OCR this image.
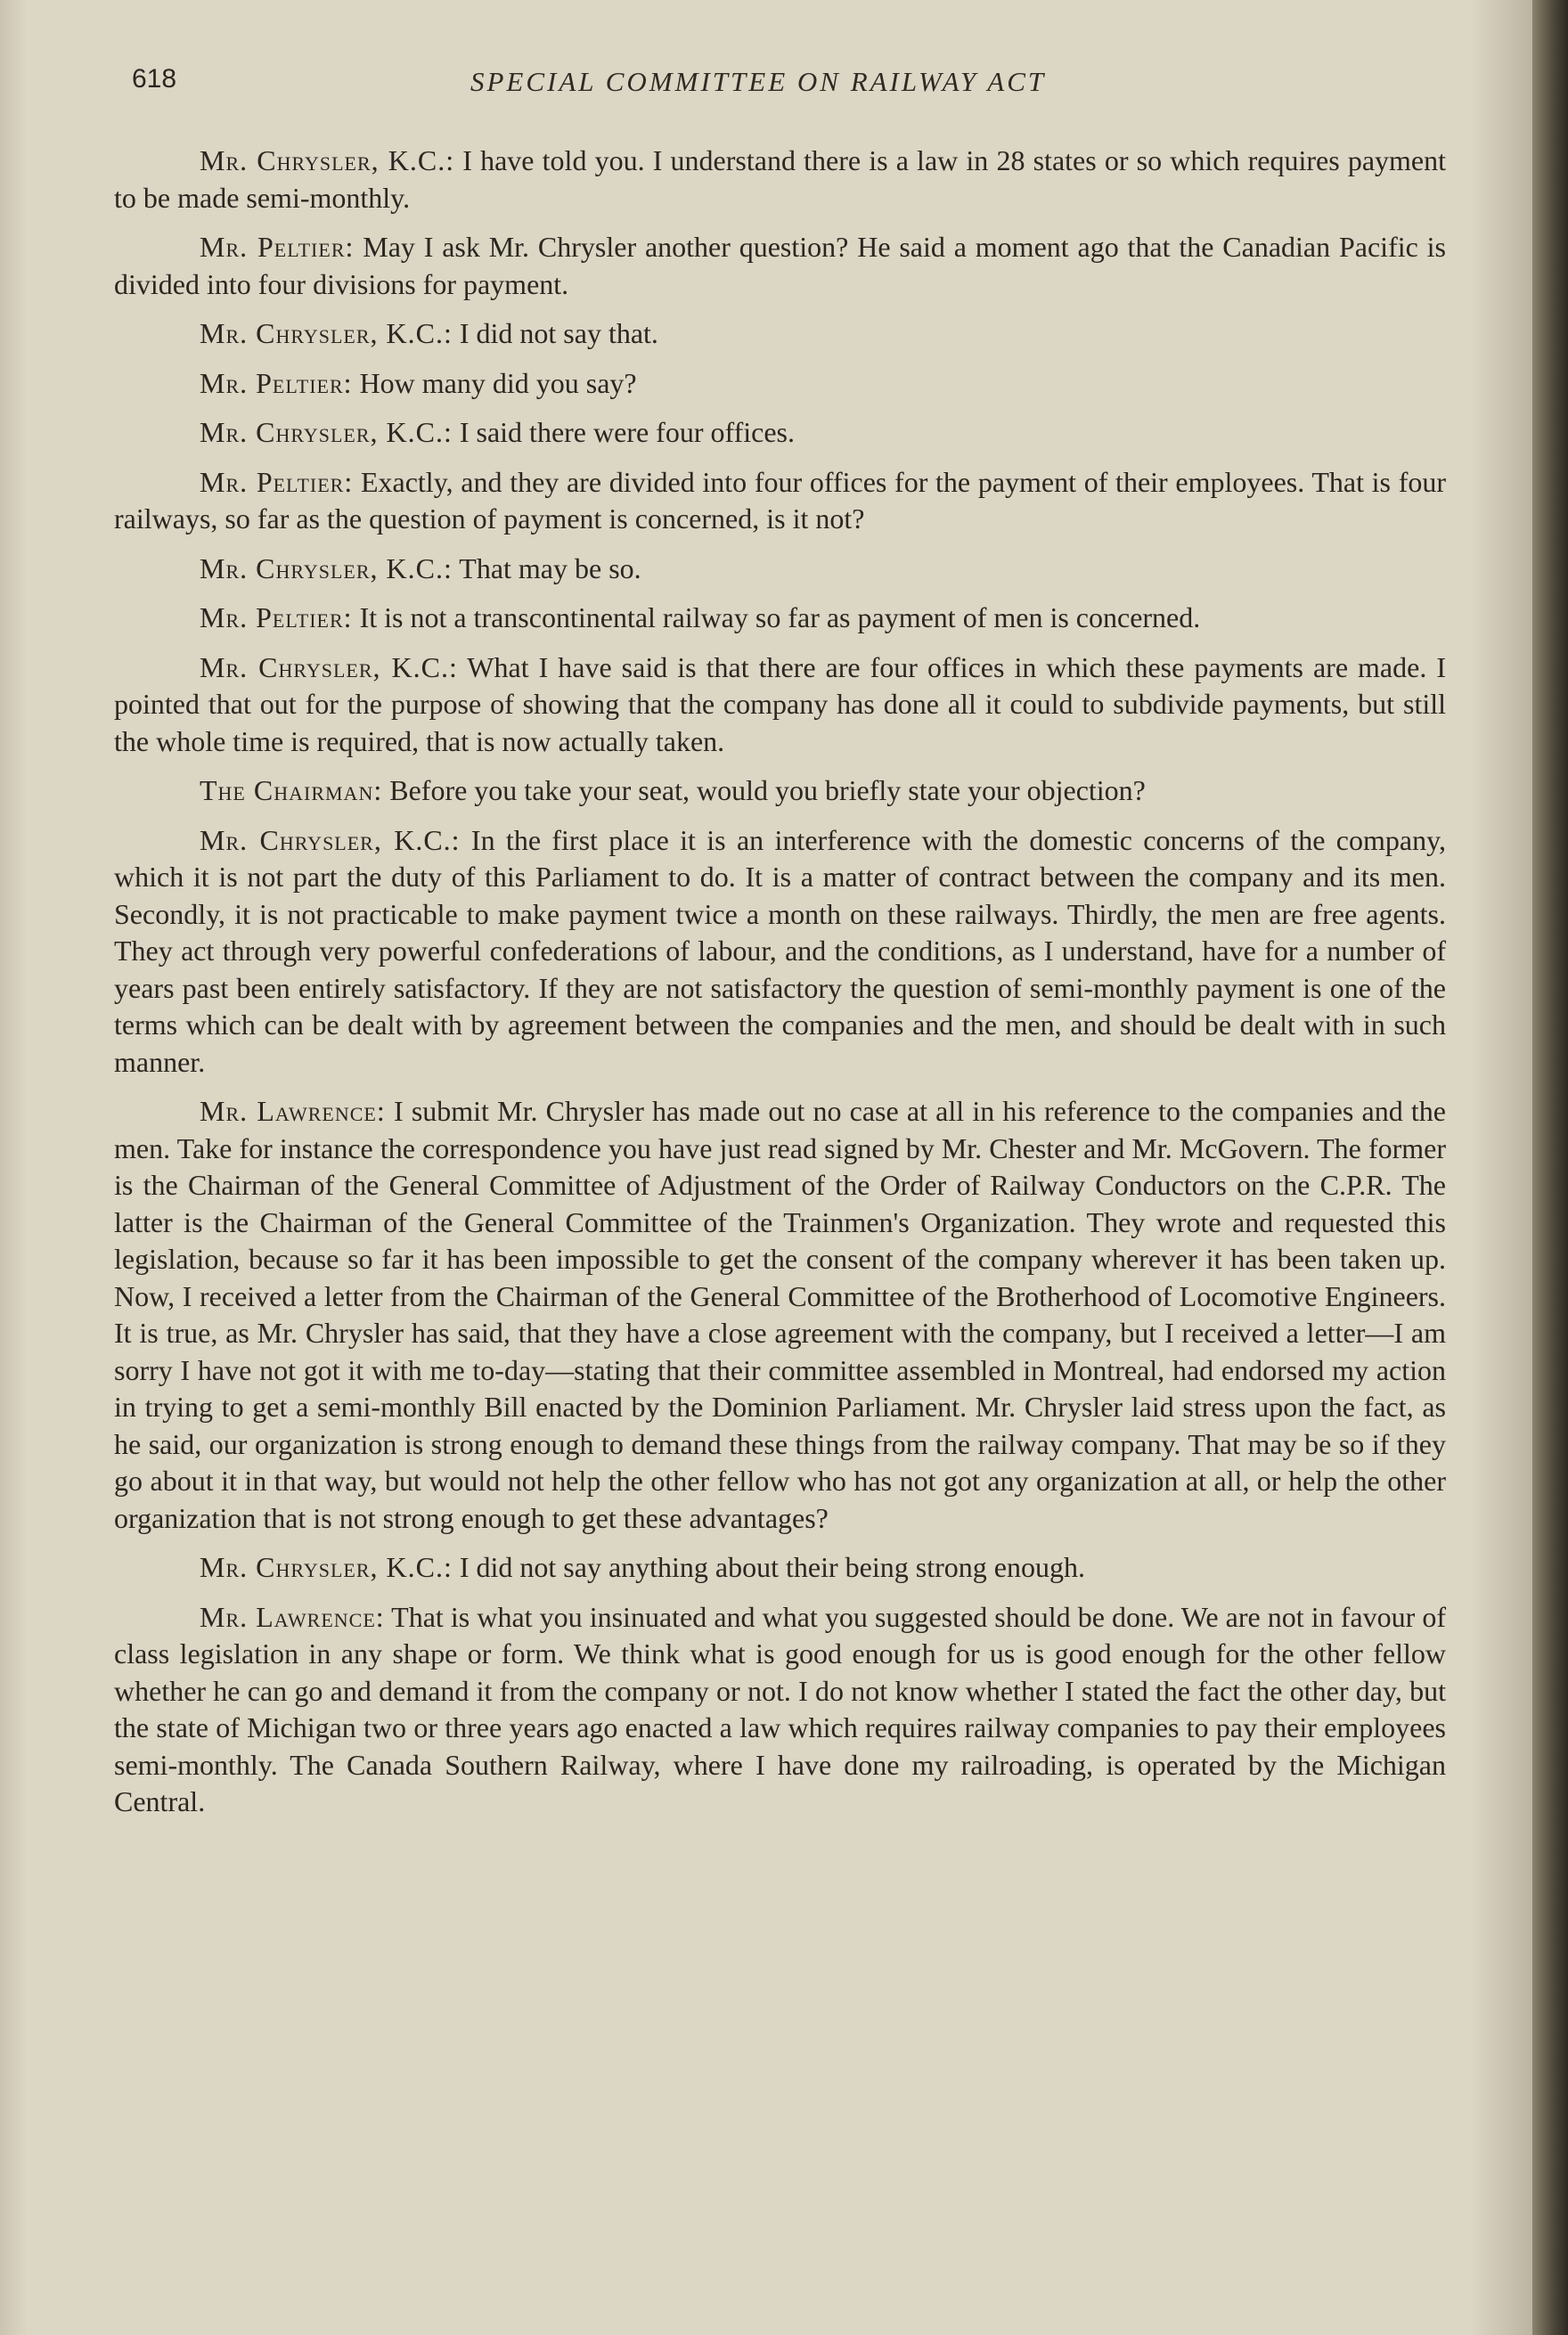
618	SPECIAL COMMITTEE ON RAILWAY ACT

Mr. Chrysler, K.C.: I have told you. I understand there is a law in 28 states or so which requires payment to be made semi-monthly.

Mr. Peltier: May I ask Mr. Chrysler another question? He said a moment ago that the Canadian Pacific is divided into four divisions for payment.

Mr. Chrysler, K.C.: I did not say that.

Mr. Peltier: How many did you say?

Mr. Chrysler, K.C.: I said there were four offices.

Mr. Peltier: Exactly, and they are divided into four offices for the payment of their employees. That is four railways, so far as the question of payment is concerned, is it not?

Mr. Chrysler, K.C.: That may be so.

Mr. Peltier: It is not a transcontinental railway so far as payment of men is concerned.

Mr. Chrysler, K.C.: What I have said is that there are four offices in which these payments are made. I pointed that out for the purpose of showing that the company has done all it could to subdivide payments, but still the whole time is required, that is now actually taken.

The Chairman: Before you take your seat, would you briefly state your objection?

Mr. Chrysler, K.C.: In the first place it is an interference with the domestic concerns of the company, which it is not part the duty of this Parliament to do. It is a matter of contract between the company and its men. Secondly, it is not practicable to make payment twice a month on these railways. Thirdly, the men are free agents. They act through very powerful confederations of labour, and the conditions, as I understand, have for a number of years past been entirely satisfactory. If they are not satisfactory the question of semi-monthly payment is one of the terms which can be dealt with by agreement between the companies and the men, and should be dealt with in such manner.

Mr. Lawrence: I submit Mr. Chrysler has made out no case at all in his reference to the companies and the men. Take for instance the correspondence you have just read signed by Mr. Chester and Mr. McGovern. The former is the Chairman of the General Committee of Adjustment of the Order of Railway Conductors on the C.P.R. The latter is the Chairman of the General Committee of the Trainmen's Organization. They wrote and requested this legislation, because so far it has been impossible to get the consent of the company wherever it has been taken up. Now, I received a letter from the Chairman of the General Committee of the Brotherhood of Locomotive Engineers. It is true, as Mr. Chrysler has said, that they have a close agreement with the company, but I received a letter—I am sorry I have not got it with me to-day—stating that their committee assembled in Montreal, had endorsed my action in trying to get a semi-monthly Bill enacted by the Dominion Parliament. Mr. Chrysler laid stress upon the fact, as he said, our organization is strong enough to demand these things from the railway company. That may be so if they go about it in that way, but would not help the other fellow who has not got any organization at all, or help the other organization that is not strong enough to get these advantages?

Mr. Chrysler, K.C.: I did not say anything about their being strong enough.

Mr. Lawrence: That is what you insinuated and what you suggested should be done. We are not in favour of class legislation in any shape or form. We think what is good enough for us is good enough for the other fellow whether he can go and demand it from the company or not. I do not know whether I stated the fact the other day, but the state of Michigan two or three years ago enacted a law which requires railway companies to pay their employees semi-monthly. The Canada Southern Railway, where I have done my railroading, is operated by the Michigan Central.
